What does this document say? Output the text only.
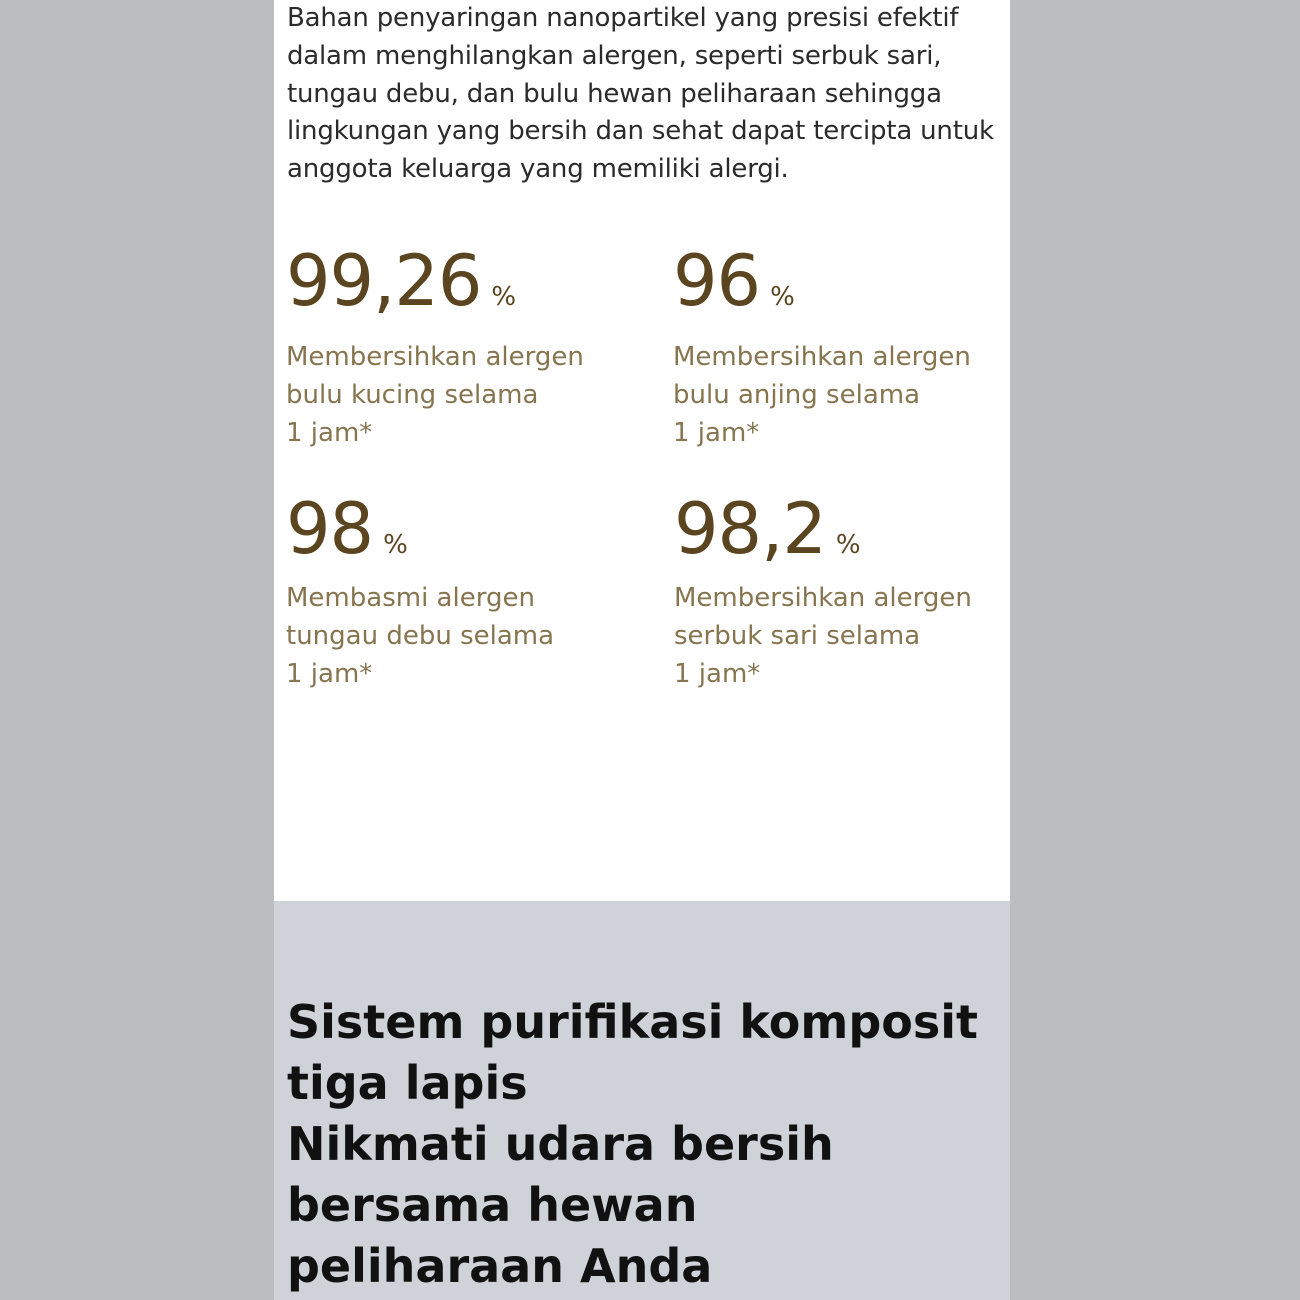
Bahan penyaringan nanopartikel yang presisi efektif dalam menghilangkan alergen, seperti serbuk sari, tungau debu, dan bulu hewan peliharaan sehingga lingkungan yang bersih dan sehat dapat tercipta untuk anggota keluarga yang memiliki alergi.

99,26 %

Membersihkan alergen
bulu kucing selama
1 jam*

96 %

Membersihkan alergen
bulu anjing selama
1 jam*

98 %

Membasmi alergen
tungau debu selama
1 jam*

98,2 %

Membersihkan alergen
serbuk sari selama
1 jam*

Sistem purifikasi komposit tiga lapis
Nikmati udara bersih bersama hewan peliharaan Anda
